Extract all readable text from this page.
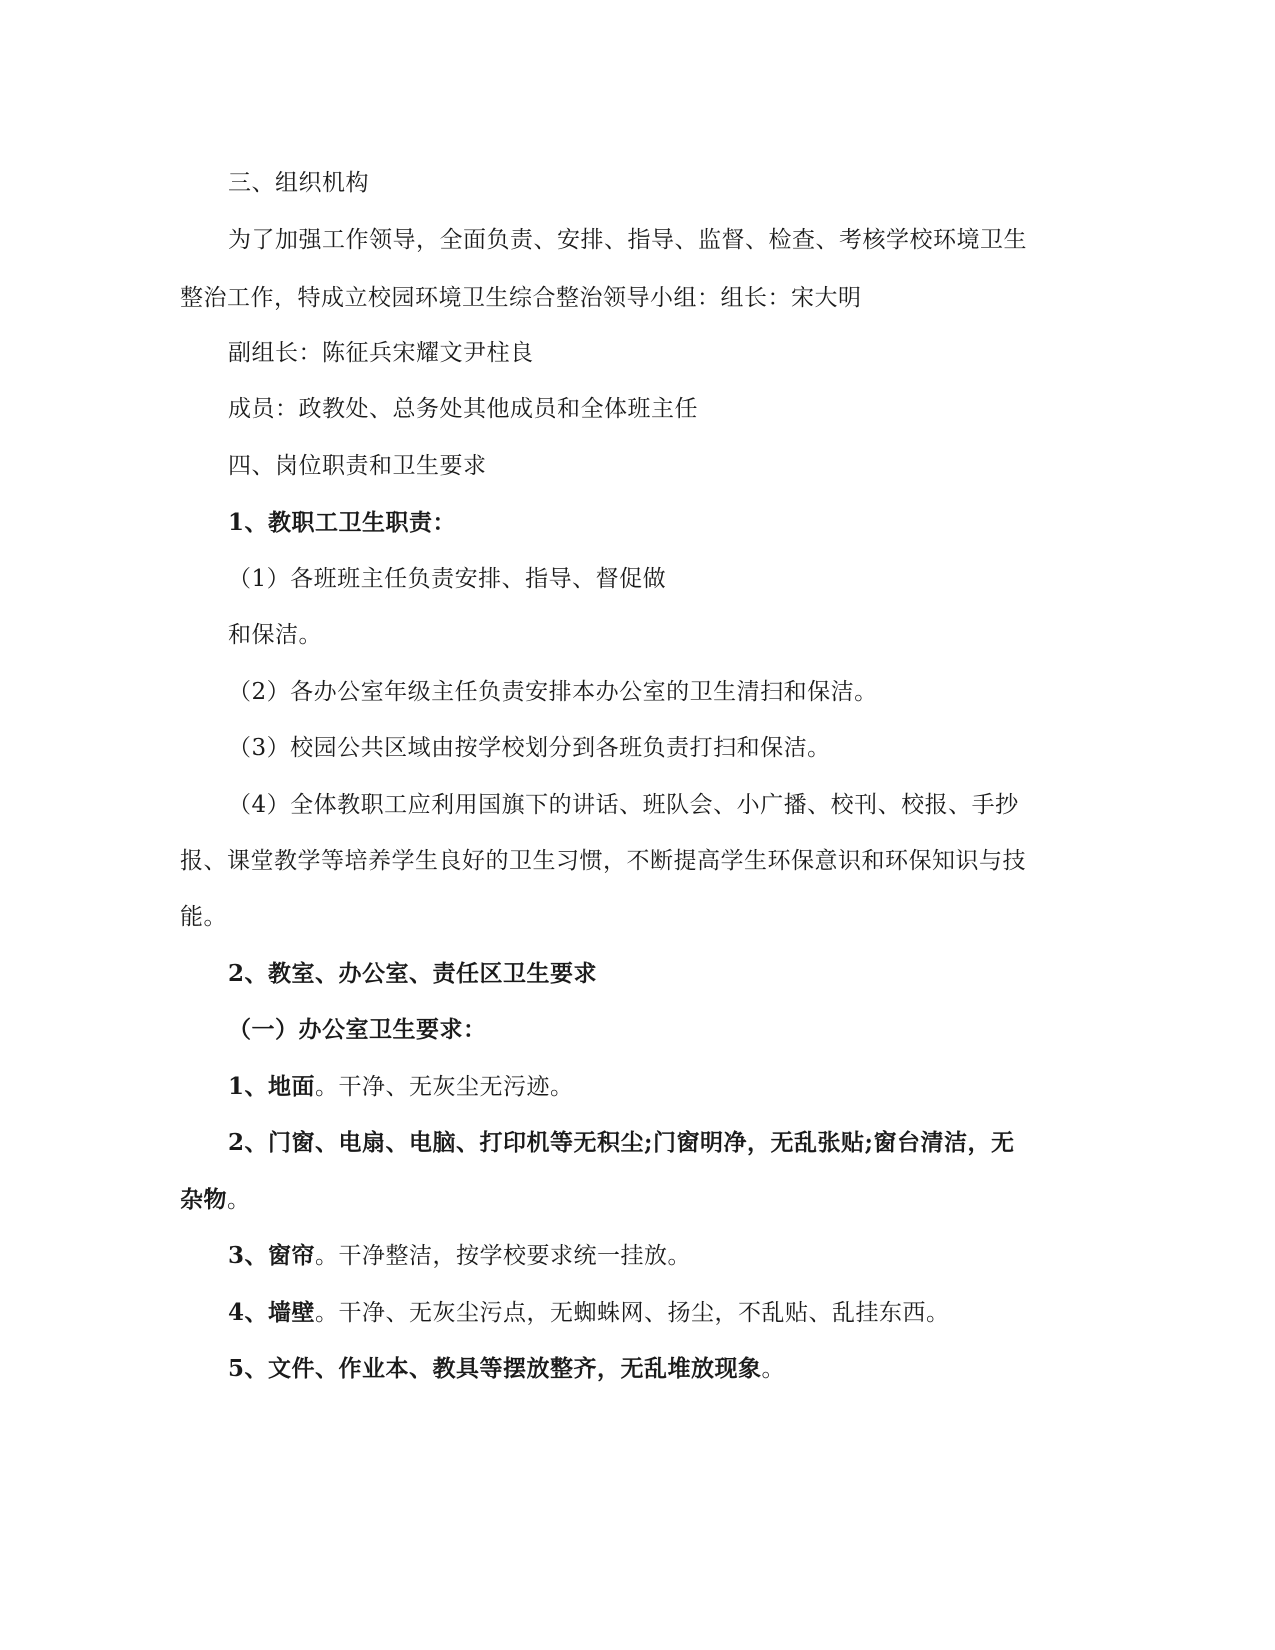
三、组织机构
为了加强工作领导，全面负责、安排、指导、监督、检查、考核学校环境卫生
整治工作，特成立校园环境卫生综合整治领导小组：组长：宋大明
副组长：陈征兵宋耀文尹柱良
成员：政教处、总务处其他成员和全体班主任
四、岗位职责和卫生要求
1、教职工卫生职责：
（1）各班班主任负责安排、指导、督促做
和保洁。
（2）各办公室年级主任负责安排本办公室的卫生清扫和保洁。
（3）校园公共区域由按学校划分到各班负责打扫和保洁。
（4）全体教职工应利用国旗下的讲话、班队会、小广播、校刊、校报、手抄
报、课堂教学等培养学生良好的卫生习惯，不断提高学生环保意识和环保知识与技
能。
2、教室、办公室、责任区卫生要求
（一）办公室卫生要求：
1、地面。干净、无灰尘无污迹。
2、门窗、电扇、电脑、打印机等无积尘;门窗明净，无乱张贴;窗台清洁，无
杂物。
3、窗帘。干净整洁，按学校要求统一挂放。
4、墙壁。干净、无灰尘污点，无蜘蛛网、扬尘，不乱贴、乱挂东西。
5、文件、作业本、教具等摆放整齐，无乱堆放现象。
